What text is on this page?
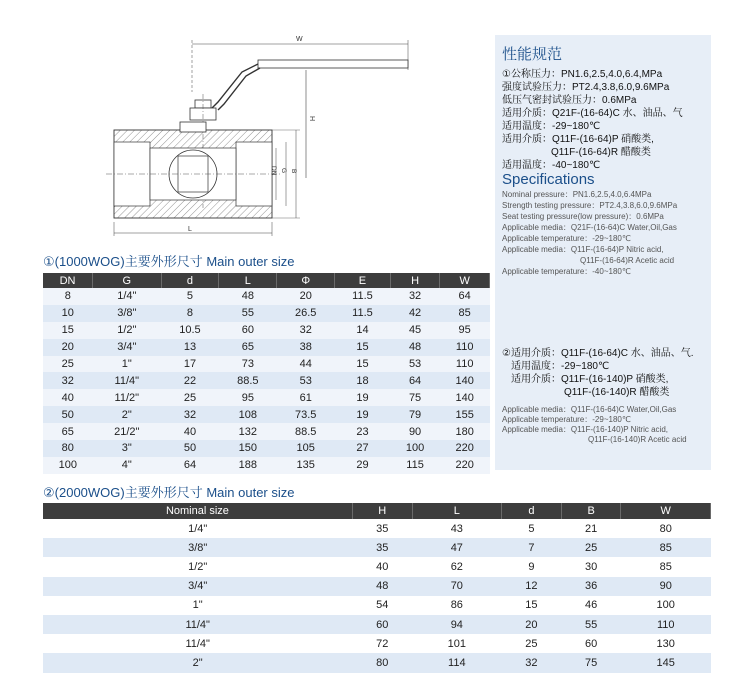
W
H
DN G B
L
性能规范
①公称压力：PN1.6,2.5,4.0,6.4,MPa
强度试验压力：PT2.4,3.8,6.0,9.6MPa
低压气密封试验压力：0.6MPa
适用介质：Q21F-(16-64)C 水、油品、气
适用温度：-29~180℃
适用介质：Q11F-(16-64)P 硝酸类,
Q11F-(16-64)R 醋酸类
适用温度：-40~180℃
Specifications
Nominal pressure：PN1.6,2.5,4.0,6.4MPa
Strength testing pressure：PT2.4,3.8,6.0,9.6MPa
Seat testing pressure(low pressure)：0.6MPa
Applicable media：Q21F-(16-64)C Water,Oil,Gas
Applicable temperature：-29~180℃
Applicable media：Q11F-(16-64)P Nitric acid,
Q11F-(16-64)R Acetic acid
Applicable temperature：-40~180℃
②适用介质：Q11F-(16-64)C 水、油品、气.
适用温度：-29~180℃
适用介质：Q11F-(16-140)P 硝酸类,
Q11F-(16-140)R 醋酸类
Applicable media：Q11F-(16-64)C Water,Oil,Gas
Applicable temperature：-29~180℃
Applicable media：Q11F-(16-140)P Nitric acid,
Q11F-(16-140)R Acetic acid
①(1000WOG)主要外形尺寸 Main outer size
DN	G	d	L	Φ	E	H	W
8	1/4"	5	48	20	11.5	32	64
10	3/8"	8	55	26.5	11.5	42	85
15	1/2"	10.5	60	32	14	45	95
20	3/4"	13	65	38	15	48	110
25	1"	17	73	44	15	53	110
32	11/4"	22	88.5	53	18	64	140
40	11/2"	25	95	61	19	75	140
50	2"	32	108	73.5	19	79	155
65	21/2"	40	132	88.5	23	90	180
80	3"	50	150	105	27	100	220
100	4"	64	188	135	29	115	220
②(2000WOG)主要外形尺寸 Main outer size
Nominal size	H	L	d	B	W
1/4"	35	43	5	21	80
3/8"	35	47	7	25	85
1/2"	40	62	9	30	85
3/4"	48	70	12	36	90
1"	54	86	15	46	100
11/4"	60	94	20	55	110
11/4"	72	101	25	60	130
2"	80	114	32	75	145
